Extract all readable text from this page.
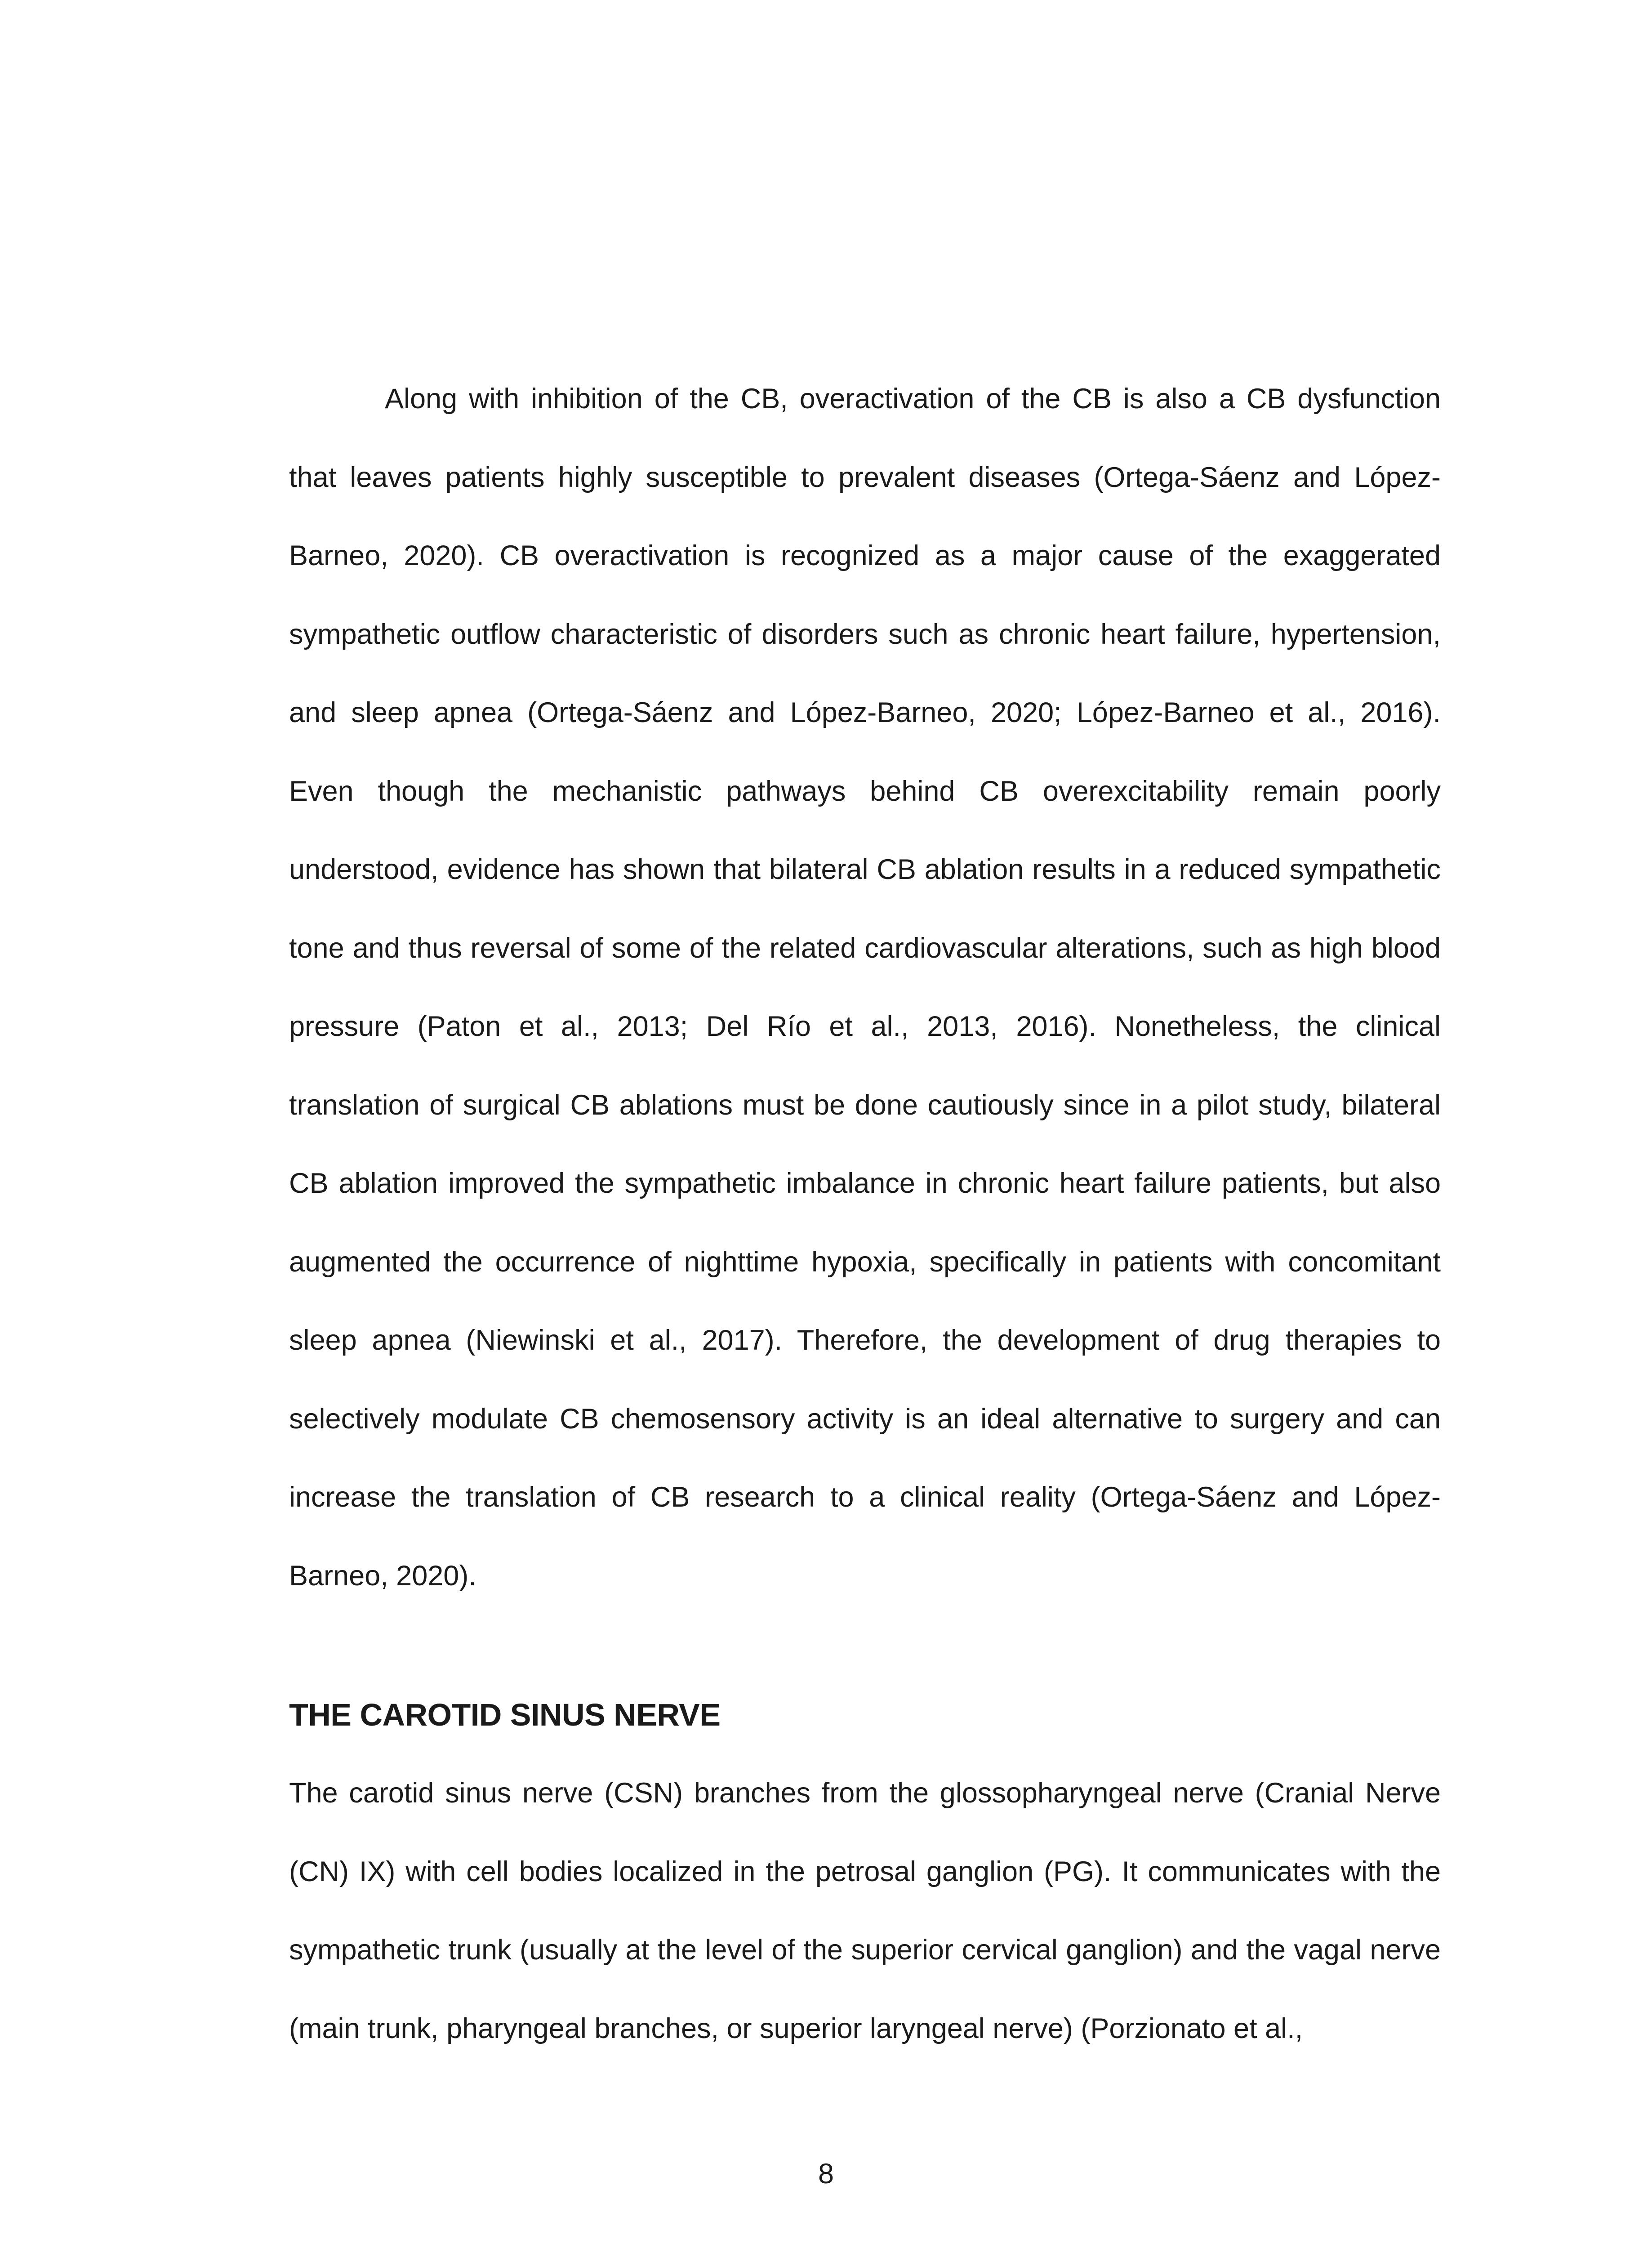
Along with inhibition of the CB, overactivation of the CB is also a CB dysfunction that leaves patients highly susceptible to prevalent diseases (Ortega-Sáenz and López-Barneo, 2020). CB overactivation is recognized as a major cause of the exaggerated sympathetic outflow characteristic of disorders such as chronic heart failure, hypertension, and sleep apnea (Ortega-Sáenz and López-Barneo, 2020; López-Barneo et al., 2016). Even though the mechanistic pathways behind CB overexcitability remain poorly understood, evidence has shown that bilateral CB ablation results in a reduced sympathetic tone and thus reversal of some of the related cardiovascular alterations, such as high blood pressure (Paton et al., 2013; Del Río et al., 2013, 2016). Nonetheless, the clinical translation of surgical CB ablations must be done cautiously since in a pilot study, bilateral CB ablation improved the sympathetic imbalance in chronic heart failure patients, but also augmented the occurrence of nighttime hypoxia, specifically in patients with concomitant sleep apnea (Niewinski et al., 2017). Therefore, the development of drug therapies to selectively modulate CB chemosensory activity is an ideal alternative to surgery and can increase the translation of CB research to a clinical reality (Ortega-Sáenz and López-Barneo, 2020).

THE CAROTID SINUS NERVE

The carotid sinus nerve (CSN) branches from the glossopharyngeal nerve (Cranial Nerve (CN) IX) with cell bodies localized in the petrosal ganglion (PG). It communicates with the sympathetic trunk (usually at the level of the superior cervical ganglion) and the vagal nerve (main trunk, pharyngeal branches, or superior laryngeal nerve) (Porzionato et al.,

8
